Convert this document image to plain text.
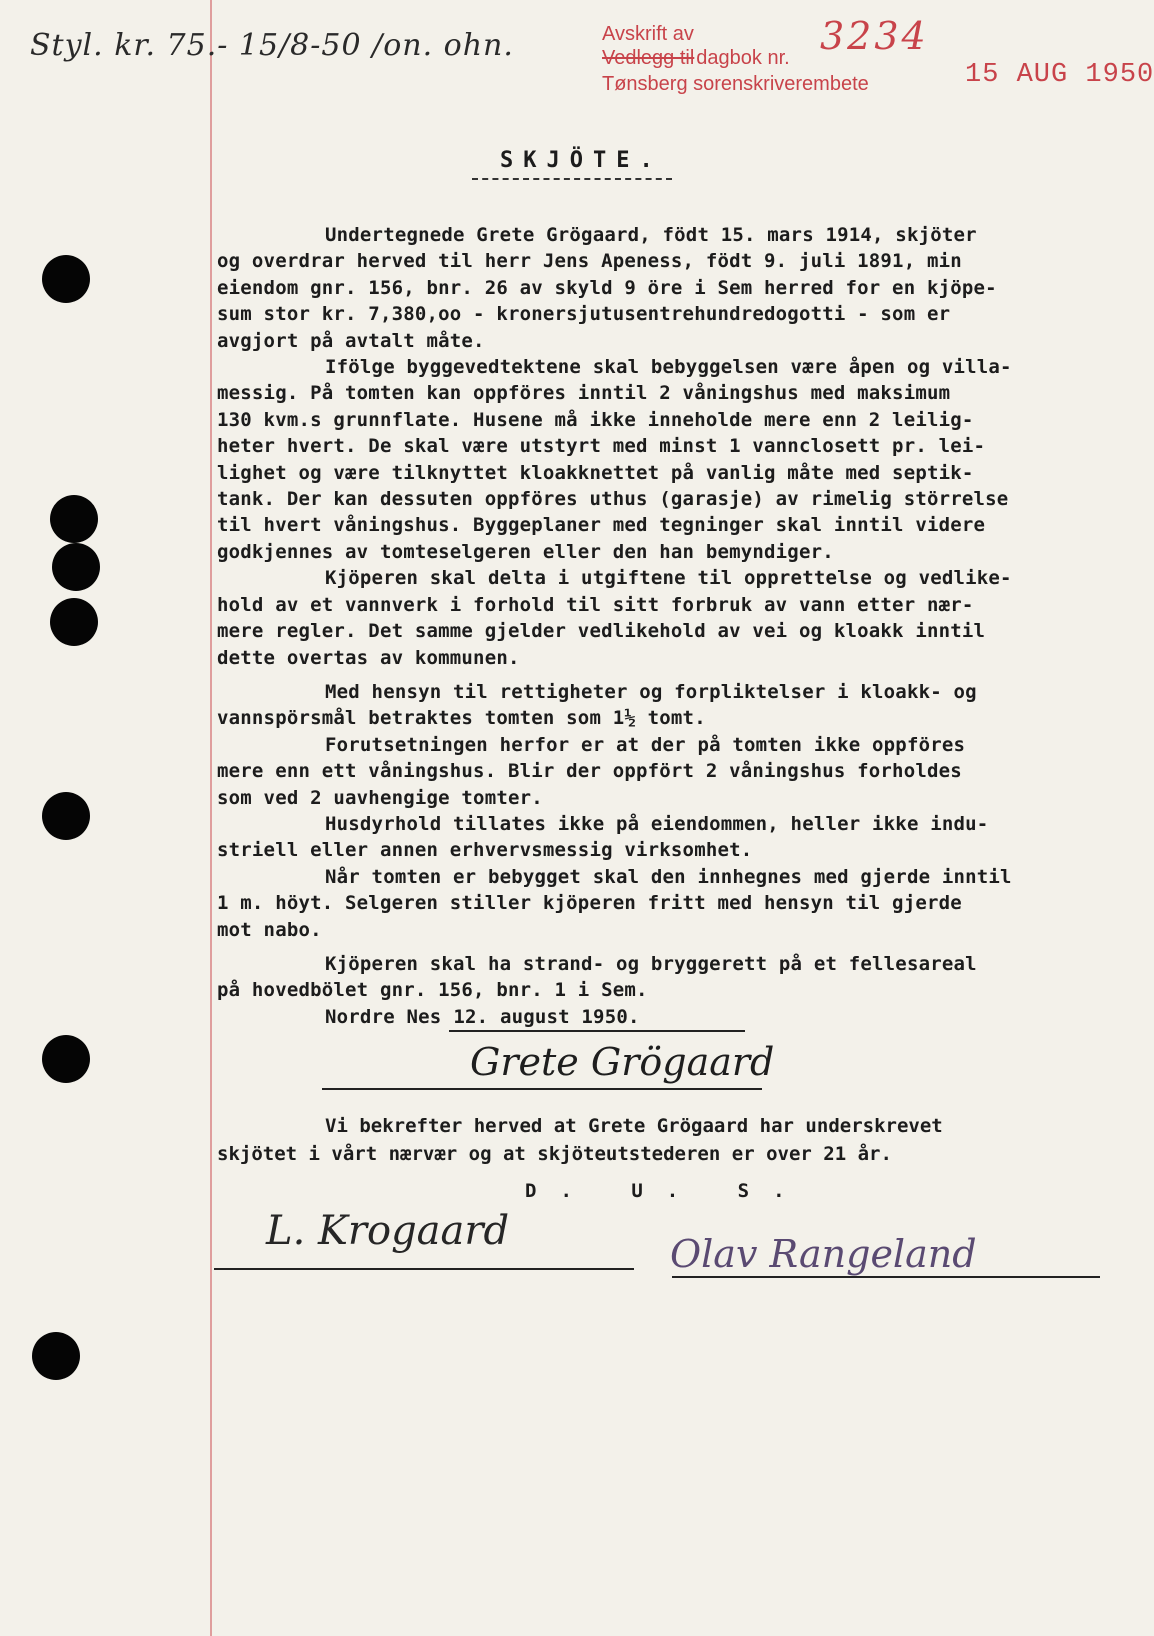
Styl. kr. 75.- 15/8-50 /on. ohn.	Avskrift av
Vedlegg til dagbok nr.
Tønsberg sorenskriverembete
3234
15 AUG 1950
SKJÖTE.

Undertegnede Grete Grögaard, födt 15. mars 1914, skjöter

og overdrar herved til herr Jens Apeness, födt 9. juli 1891, min

eiendom gnr. 156, bnr. 26 av skyld 9 öre i Sem herred for en kjöpe-

sum stor kr. 7,380,oo - kronersjutusentrehundredogotti - som er

avgjort på avtalt måte.

Ifölge byggevedtektene skal bebyggelsen være åpen og villa-

messig. På tomten kan oppföres inntil 2 våningshus med maksimum

130 kvm.s grunnflate. Husene må ikke inneholde mere enn 2 leilig-

heter hvert. De skal være utstyrt med minst 1 vannclosett pr. lei-

lighet og være tilknyttet kloakknettet på vanlig måte med septik-

tank. Der kan dessuten oppföres uthus (garasje) av rimelig störrelse

til hvert våningshus. Byggeplaner med tegninger skal inntil videre

godkjennes av tomteselgeren eller den han bemyndiger.

Kjöperen skal delta i utgiftene til opprettelse og vedlike-

hold av et vannverk i forhold til sitt forbruk av vann etter nær-

mere regler. Det samme gjelder vedlikehold av vei og kloakk inntil

dette overtas av kommunen.

Med hensyn til rettigheter og forpliktelser i kloakk- og

vannspörsmål betraktes tomten som 1½ tomt.

Forutsetningen herfor er at der på tomten ikke oppföres

mere enn ett våningshus. Blir der oppfört 2 våningshus forholdes

som ved 2 uavhengige tomter.

Husdyrhold tillates ikke på eiendommen, heller ikke indu-

striell eller annen erhvervsmessig virksomhet.

Når tomten er bebygget skal den innhegnes med gjerde inntil

1 m. höyt. Selgeren stiller kjöperen fritt med hensyn til gjerde

mot nabo.

Kjöperen skal ha strand- og bryggerett på et fellesareal

på hovedbölet gnr. 156, bnr. 1 i Sem.

Nordre Nes 12. august 1950.

Grete Grögaard

Vi bekrefter herved at Grete Grögaard har underskrevet

skjötet i vårt nærvær og at skjöteutstederen er over 21 år.

D. U. S.
L. Krogaard	Olav Rangeland
